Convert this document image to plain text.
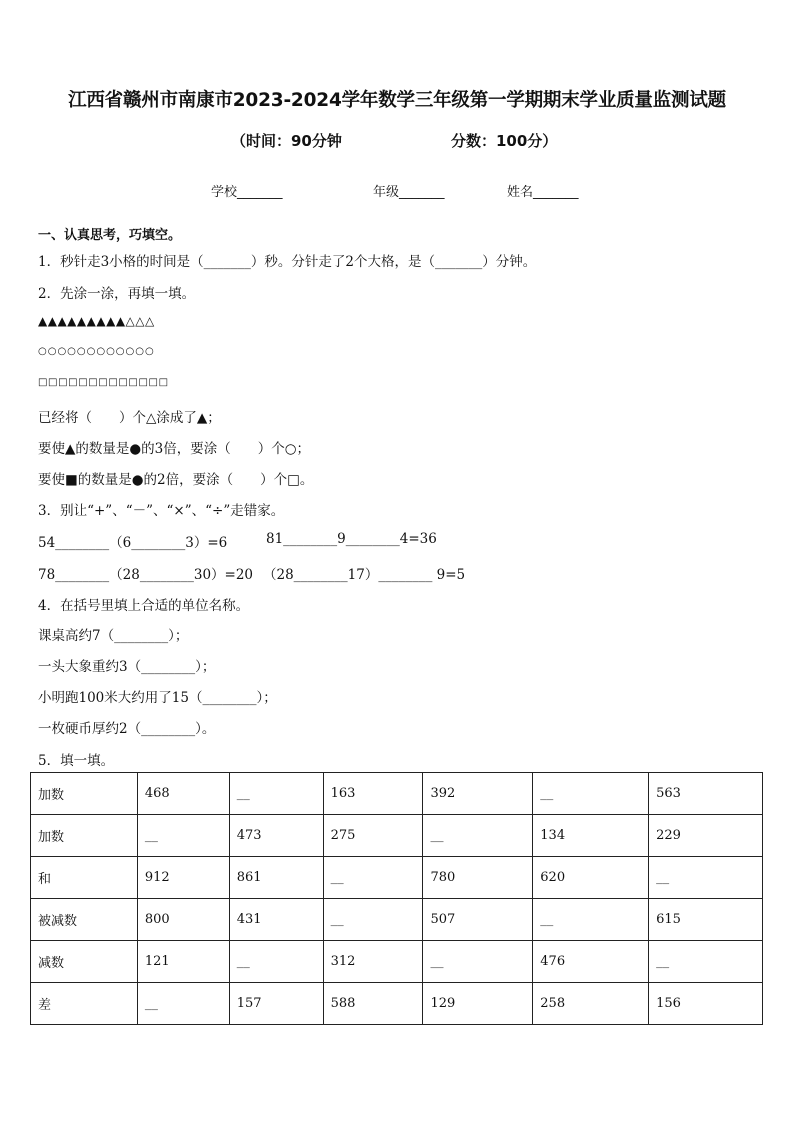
江西省赣州市南康市2023-2024学年数学三年级第一学期期末学业质量监测试题
（时间：90分钟	分数：100分）
学校_______	年级_______	姓名_______
一、认真思考，巧填空。
1．秒针走3小格的时间是（_______）秒。分针走了2个大格，是（_______）分钟。
2．先涂一涂，再填一填。
▲▲▲▲▲▲▲▲▲△△△
○○○○○○○○○○○○
□□□□□□□□□□□□□
已经将（　　）个△涂成了▲；
要使▲的数量是●的3倍，要涂（　　）个○；
要使■的数量是●的2倍，要涂（　　）个□。
3．别让“+”、“－”、“×”、“÷”走错家。
54________（6________3）=6	81________9________4=36
78________（28________30）=20 （28________17）________ 9=5
4．在括号里填上合适的单位名称。
课桌高约7（________）；
一头大象重约3（________）；
小明跑100米大约用了15（________）；
一枚硬币厚约2（________）。
5．填一填。
加数	468	__	163	392	__	563
加数	__	473	275	__	134	229
和	912	861	__	780	620	__
被减数	800	431	__	507	__	615
减数	121	__	312	__	476	__
差	__	157	588	129	258	156
